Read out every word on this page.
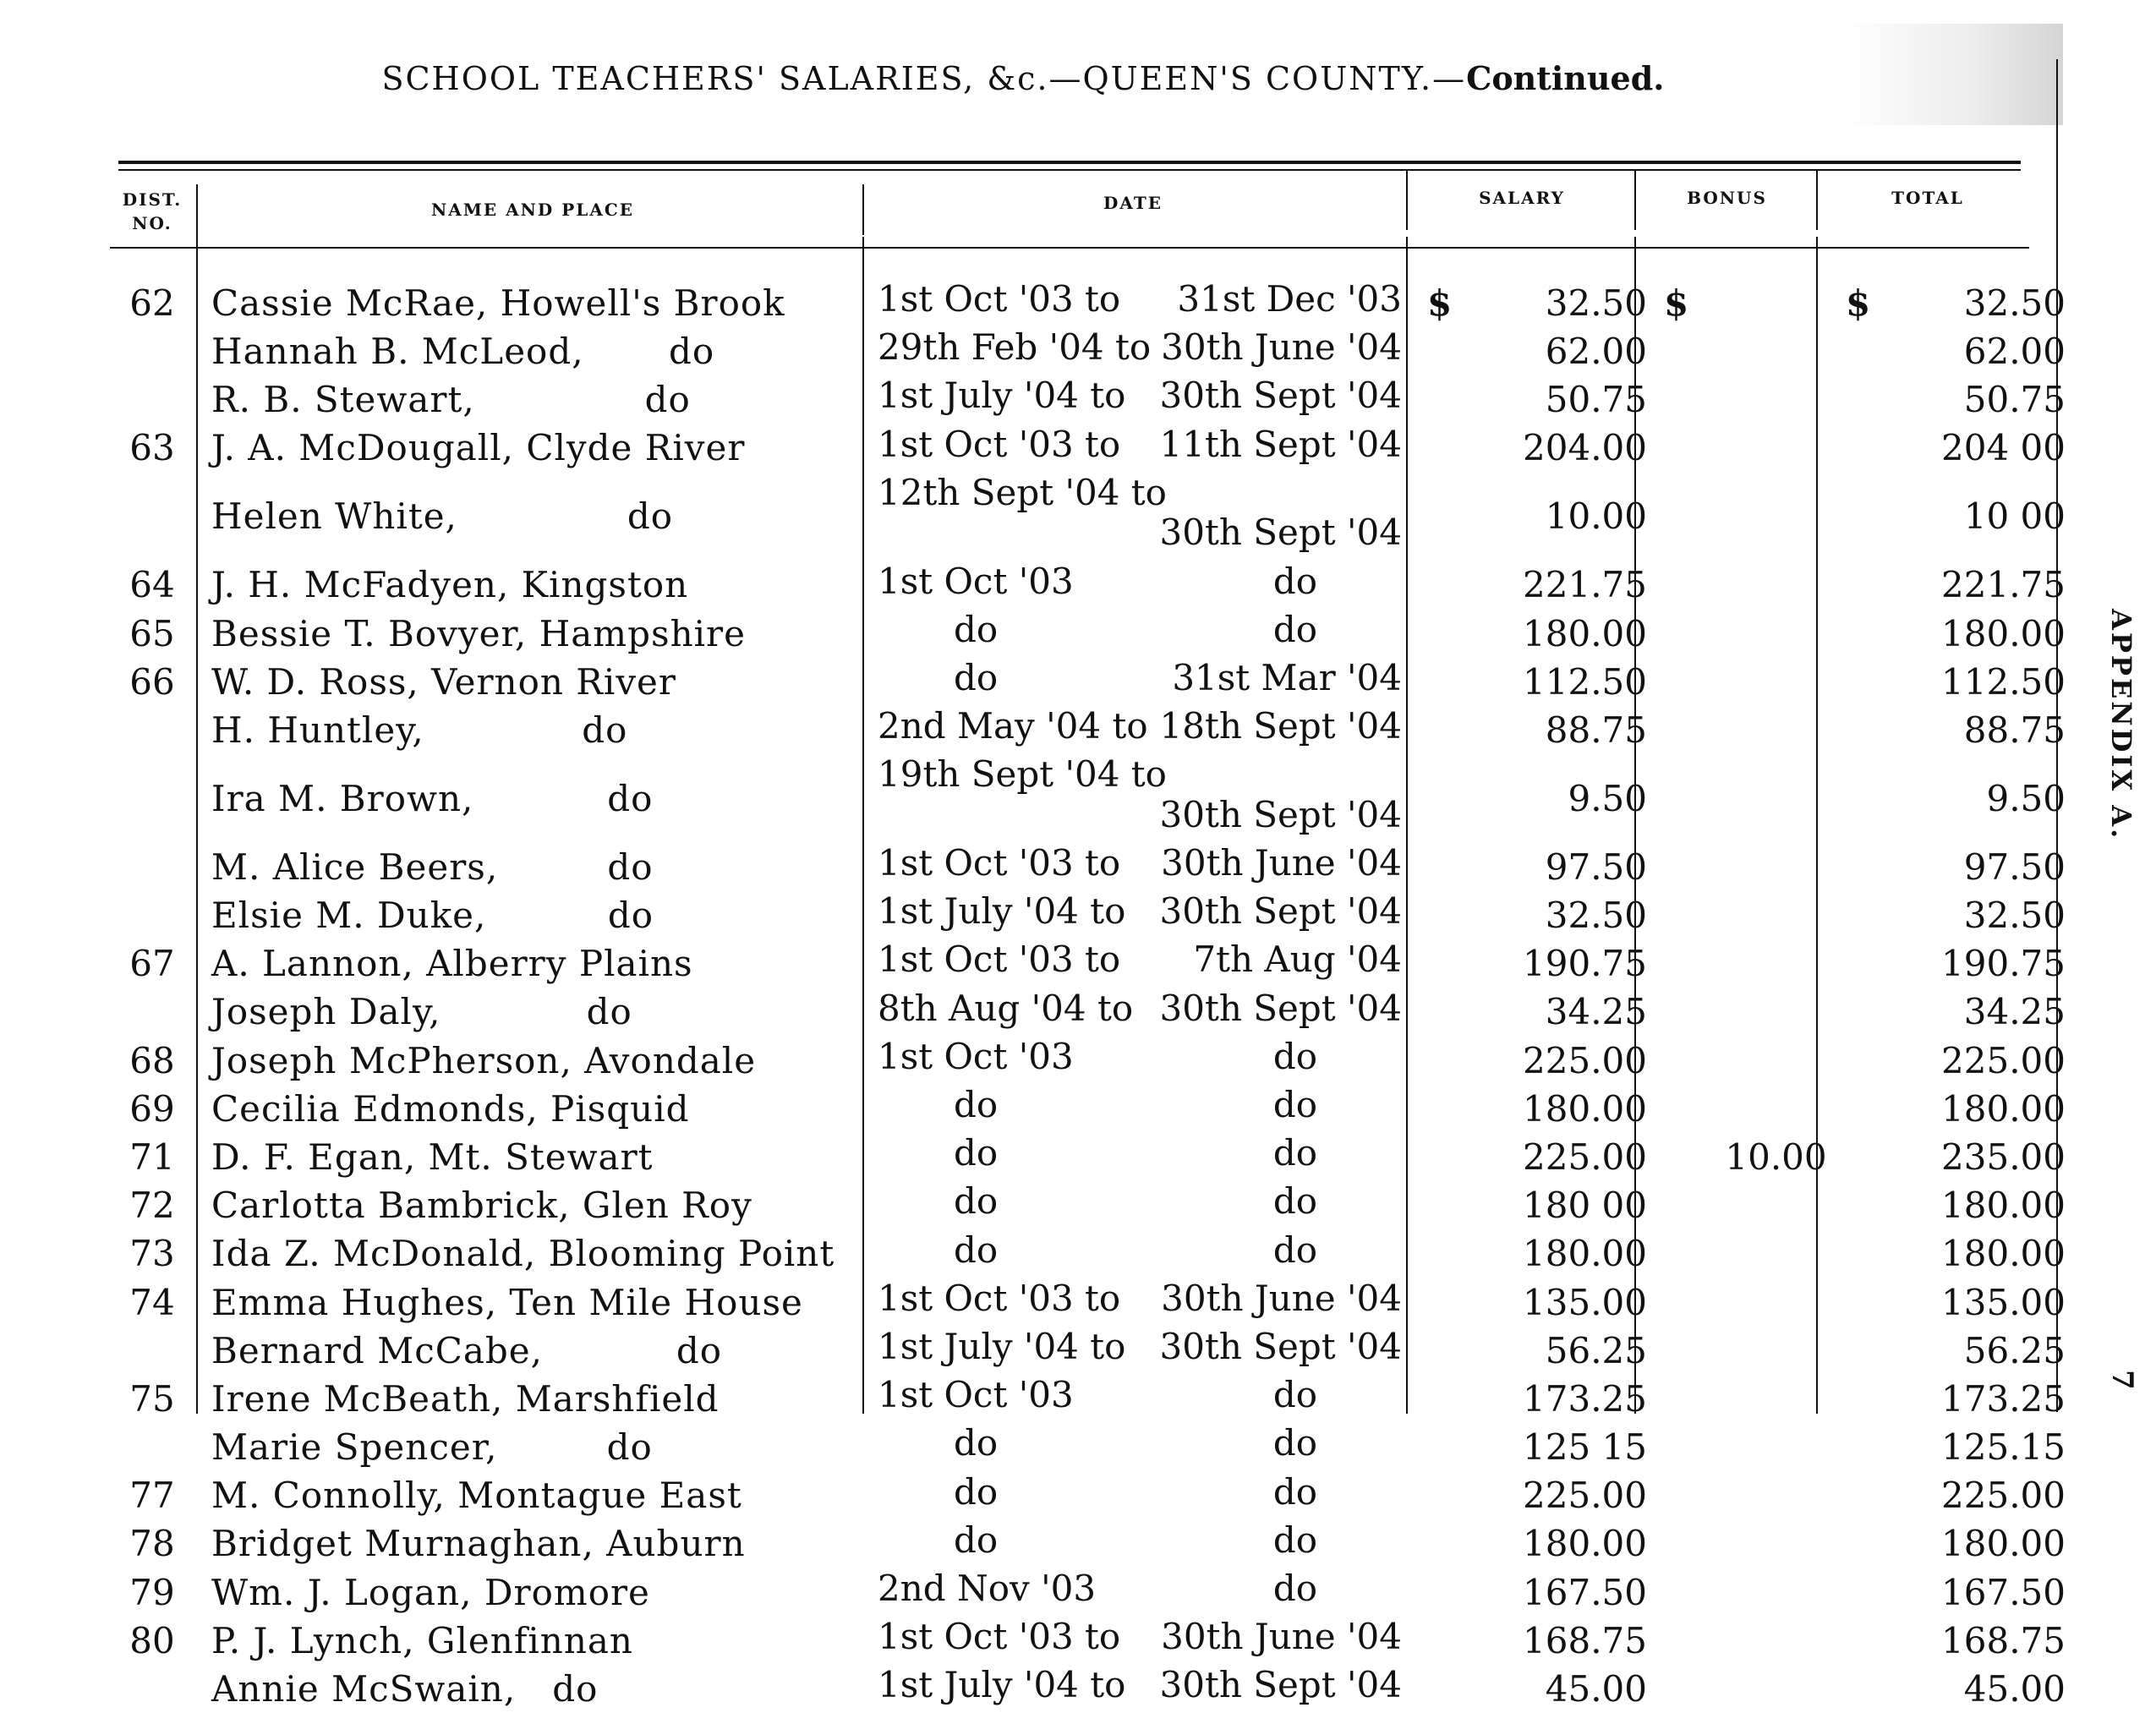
SCHOOL TEACHERS' SALARIES, &c.—QUEEN'S COUNTY.—Continued.
DIST.
NO.
NAME AND PLACE	DATE	SALARY	BONUS	TOTAL
62	Cassie McRae, Howell's Brook	1st Oct '03 to 31st Dec '03	$ 32.50	$	$ 32.50
	Hannah B. McLeod,       do	29th Feb '04 to 30th June '04	62.00		62.00
	R. B. Stewart,              do	1st July '04 to 30th Sept '04	50.75		50.75
63	J. A. McDougall, Clyde River	1st Oct '03 to 11th Sept '04	204.00		204 00
	Helen White,              do	12th Sept '04 to
30th Sept '04	10.00		10 00
64	J. H. McFadyen, Kingston	1st Oct '03 do	221.75		221.75
65	Bessie T. Bovyer, Hampshire	do do	180.00		180.00
66	W. D. Ross, Vernon River	do 31st Mar '04	112.50		112.50
	H. Huntley,             do	2nd May '04 to 18th Sept '04	88.75		88.75
	Ira M. Brown,           do	19th Sept '04 to
30th Sept '04	9.50		9.50
	M. Alice Beers,         do	1st Oct '03 to 30th June '04	97.50		97.50
	Elsie M. Duke,          do	1st July '04 to 30th Sept '04	32.50		32.50
67	A. Lannon, Alberry Plains	1st Oct '03 to 7th Aug '04	190.75		190.75
	Joseph Daly,            do	8th Aug '04 to 30th Sept '04	34.25		34.25
68	Joseph McPherson, Avondale	1st Oct '03 do	225.00		225.00
69	Cecilia Edmonds, Pisquid	do do	180.00		180.00
71	D. F. Egan, Mt. Stewart	do do	225.00	10.00	235.00
72	Carlotta Bambrick, Glen Roy	do do	180 00		180.00
73	Ida Z. McDonald, Blooming Point	do do	180.00		180.00
74	Emma Hughes, Ten Mile House	1st Oct '03 to 30th June '04	135.00		135.00
	Bernard McCabe,           do	1st July '04 to 30th Sept '04	56.25		56.25
75	Irene McBeath, Marshfield	1st Oct '03 do	173.25		173.25
	Marie Spencer,         do	do do	125 15		125.15
77	M. Connolly, Montague East	do do	225.00		225.00
78	Bridget Murnaghan, Auburn	do do	180.00		180.00
79	Wm. J. Logan, Dromore	2nd Nov '03 do	167.50		167.50
80	P. J. Lynch, Glenfinnan	1st Oct '03 to 30th June '04	168.75		168.75
	Annie McSwain,   do	1st July '04 to 30th Sept '04	45.00		45.00
APPENDIX A.
7
